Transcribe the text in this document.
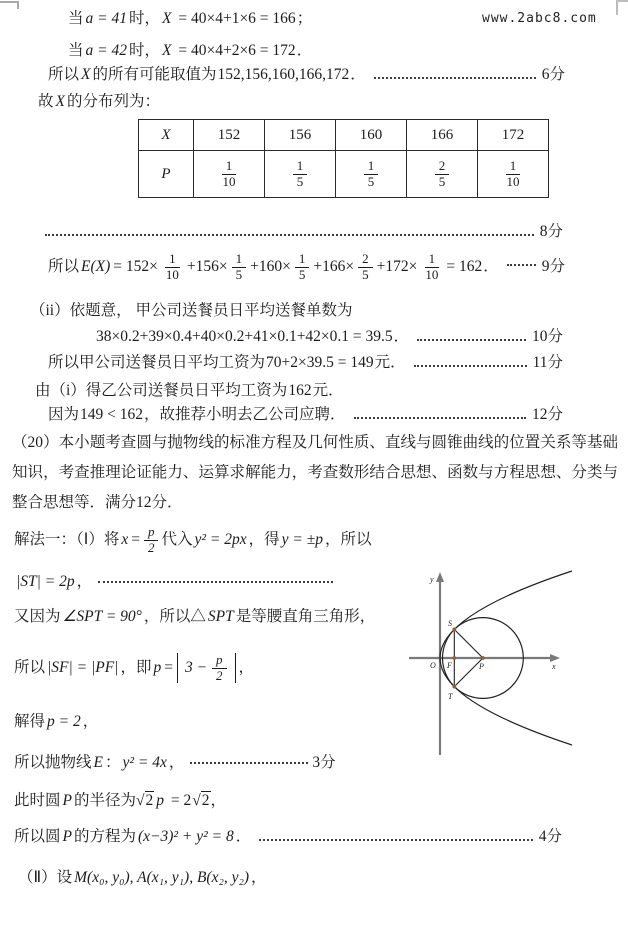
www.2abc8.com
当 a = 41 时， X = 40×4+1×6 = 166；
当 a = 42 时， X = 40×4+2×6 = 172．
所以 X 的所有可能取值为 152,156,160,166,172 ．	6分
故 X 的分布列为：
X	152	156	160	166	172
P	$\frac{1}{10}$	$\frac{1}{5}$	$\frac{1}{5}$	$\frac{2}{5}$	$\frac{1}{10}$
8分
所以 $E(X) = 152\times \frac{1}{10} +156\times \frac{1}{5} +160\times \frac{1}{5} +166\times \frac{2}{5} +172\times \frac{1}{10} = 162$ ．	9分
（ii）依题意， 甲公司送餐员日平均送餐单数为
38×0.2+39×0.4+40×0.2+41×0.1+42×0.1 = 39.5 ．	10分
所以甲公司送餐员日平均工资为 70+2×39.5 = 149 元．	11分
由（i）得乙公司送餐员日平均工资为162元．
因为 149 < 162 ，故推荐小明去乙公司应聘．	12分
（20）本小题考查圆与抛物线的标准方程及几何性质、直线与圆锥曲线的位置关系等基础知识，考查推理论证能力、运算求解能力，考查数形结合思想、函数与方程思想、分类与整合思想等．满分12分．
解法一：（Ⅰ）将 $x = \frac{p}{2}$ 代入 y² = 2px ，得 y = ±p ，所以
|ST| = 2p ，
又因为 ∠SPT = 90° ，所以△ SPT 是等腰直角三角形，
所以 |SF| = |PF| ，即 $p = 3 - \frac{p}{2}$ ，
解得 p = 2 ，
所以抛物线 E ： y² = 4x ，	3分
此时圆 P 的半径为√2 p = 2√2，
所以圆 P 的方程为 (x−3)² + y² = 8 ．	4分
（Ⅱ）设 M(x₀, y₀), A(x₁, y₁), B(x₂, y₂) ，
S
T
O F	P
y
x
